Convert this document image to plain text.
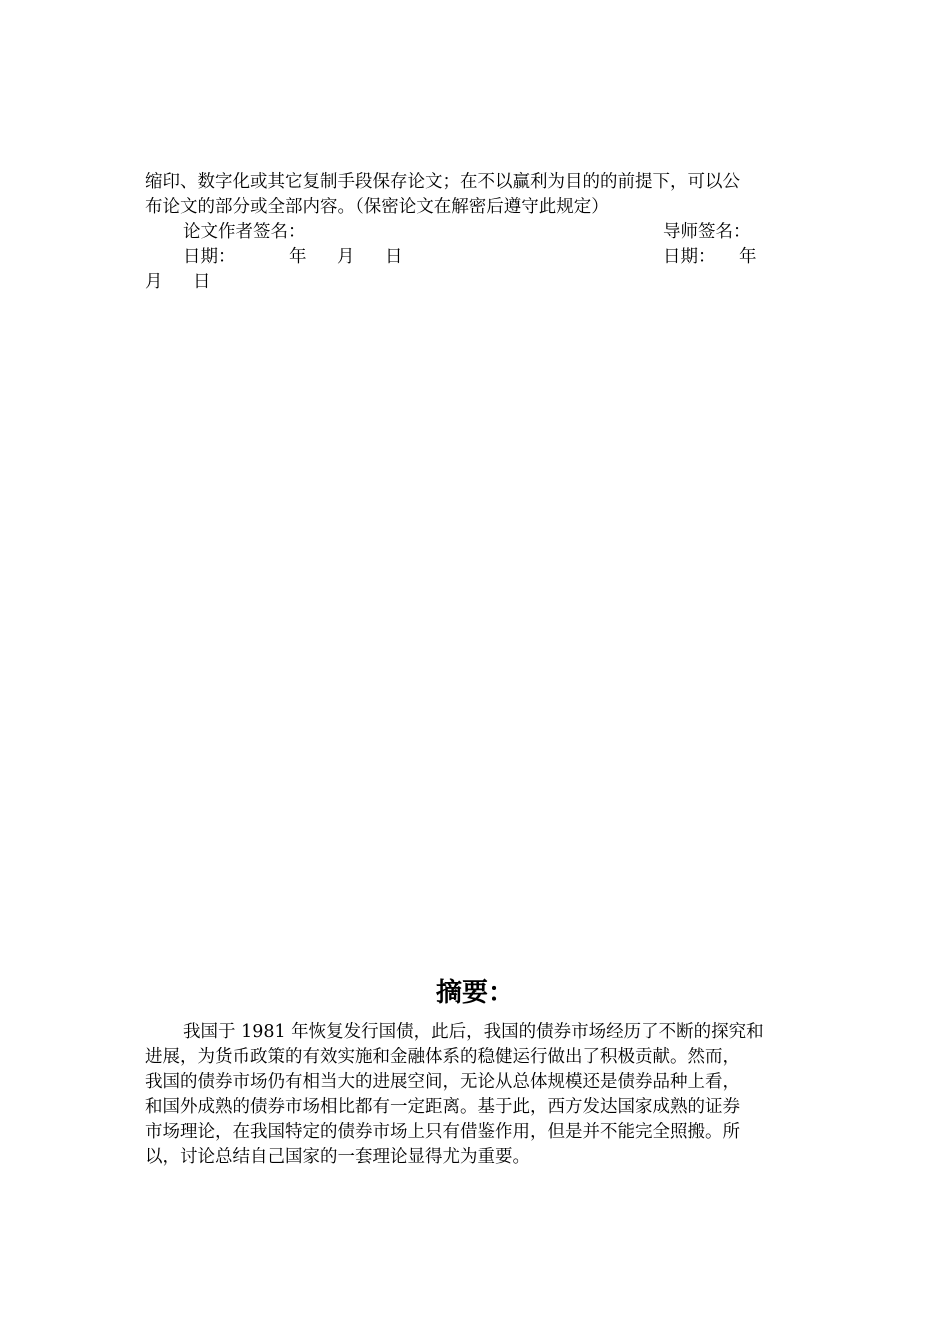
缩印、数字化或其它复制手段保存论文；在不以赢利为目的的前提下，可以公
布论文的部分或全部内容。（保密论文在解密后遵守此规定）
论文作者签名：	导师签名：
日期：	年 月 日	日期： 年
月 日
摘要：
我国于 1981 年恢复发行国债，此后，我国的债券市场经历了不断的探究和
进展，为货币政策的有效实施和金融体系的稳健运行做出了积极贡献。然而，
我国的债券市场仍有相当大的进展空间，无论从总体规模还是债券品种上看，
和国外成熟的债券市场相比都有一定距离。基于此，西方发达国家成熟的证券
市场理论，在我国特定的债券市场上只有借鉴作用，但是并不能完全照搬。所
以，讨论总结自己国家的一套理论显得尤为重要。
